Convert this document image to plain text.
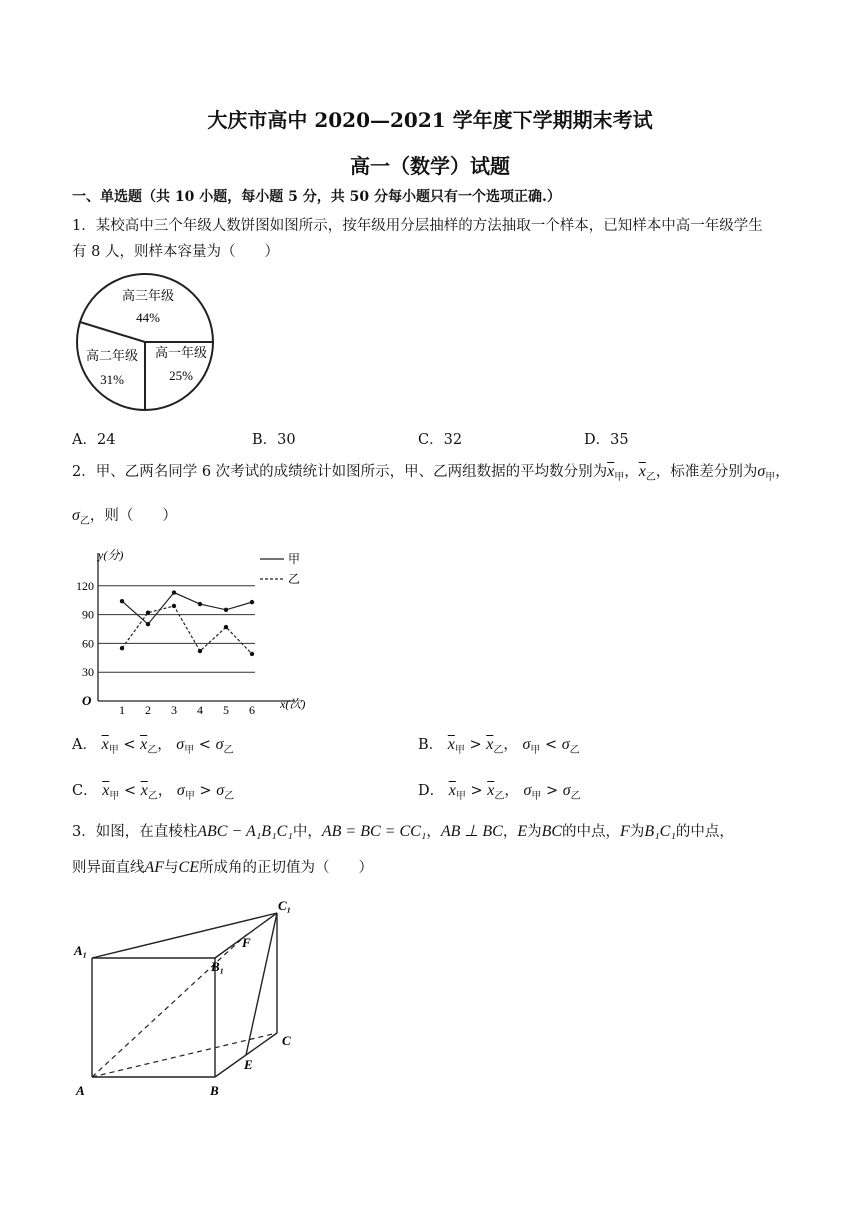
大庆市高中 2020—2021 学年度下学期期末考试
高一（数学）试题
一、单选题（共 10 小题，每小题 5 分，共 50 分每小题只有一个选项正确.）
1．某校高中三个年级人数饼图如图所示，按年级用分层抽样的方法抽取一个样本，已知样本中高一年级学生
有 8 人，则样本容量为（　　）
高三年级
44%
高二年级
31%
高一年级
25%
A．24	B．30	C．32	D．35
2．甲、乙两名同学 6 次考试的成绩统计如图所示，甲、乙两组数据的平均数分别为$\overline{x}_甲$，$\overline{x}_乙$，标准差分别为$\sigma_甲$，
$\sigma_乙$，则（　　）
120
90
60
30
1 2 3 4 5 6
y(分)
x(次)
O
甲
乙
A． $\overline{x}_甲 < \overline{x}_乙$， $\sigma_甲 < \sigma_乙$	B． $\overline{x}_甲 > \overline{x}_乙$， $\sigma_甲 < \sigma_乙$
C． $\overline{x}_甲 < \overline{x}_乙$， $\sigma_甲 > \sigma_乙$	D． $\overline{x}_甲 > \overline{x}_乙$， $\sigma_甲 > \sigma_乙$
3．如图，在直棱柱ABC − A₁B₁C₁中，AB = BC = CC₁，AB ⊥ BC，E为BC的中点，F为B₁C₁的中点，
则异面直线AF与CE所成角的正切值为（　　）
A₁
B₁
C₁
F
C
E
A	B
